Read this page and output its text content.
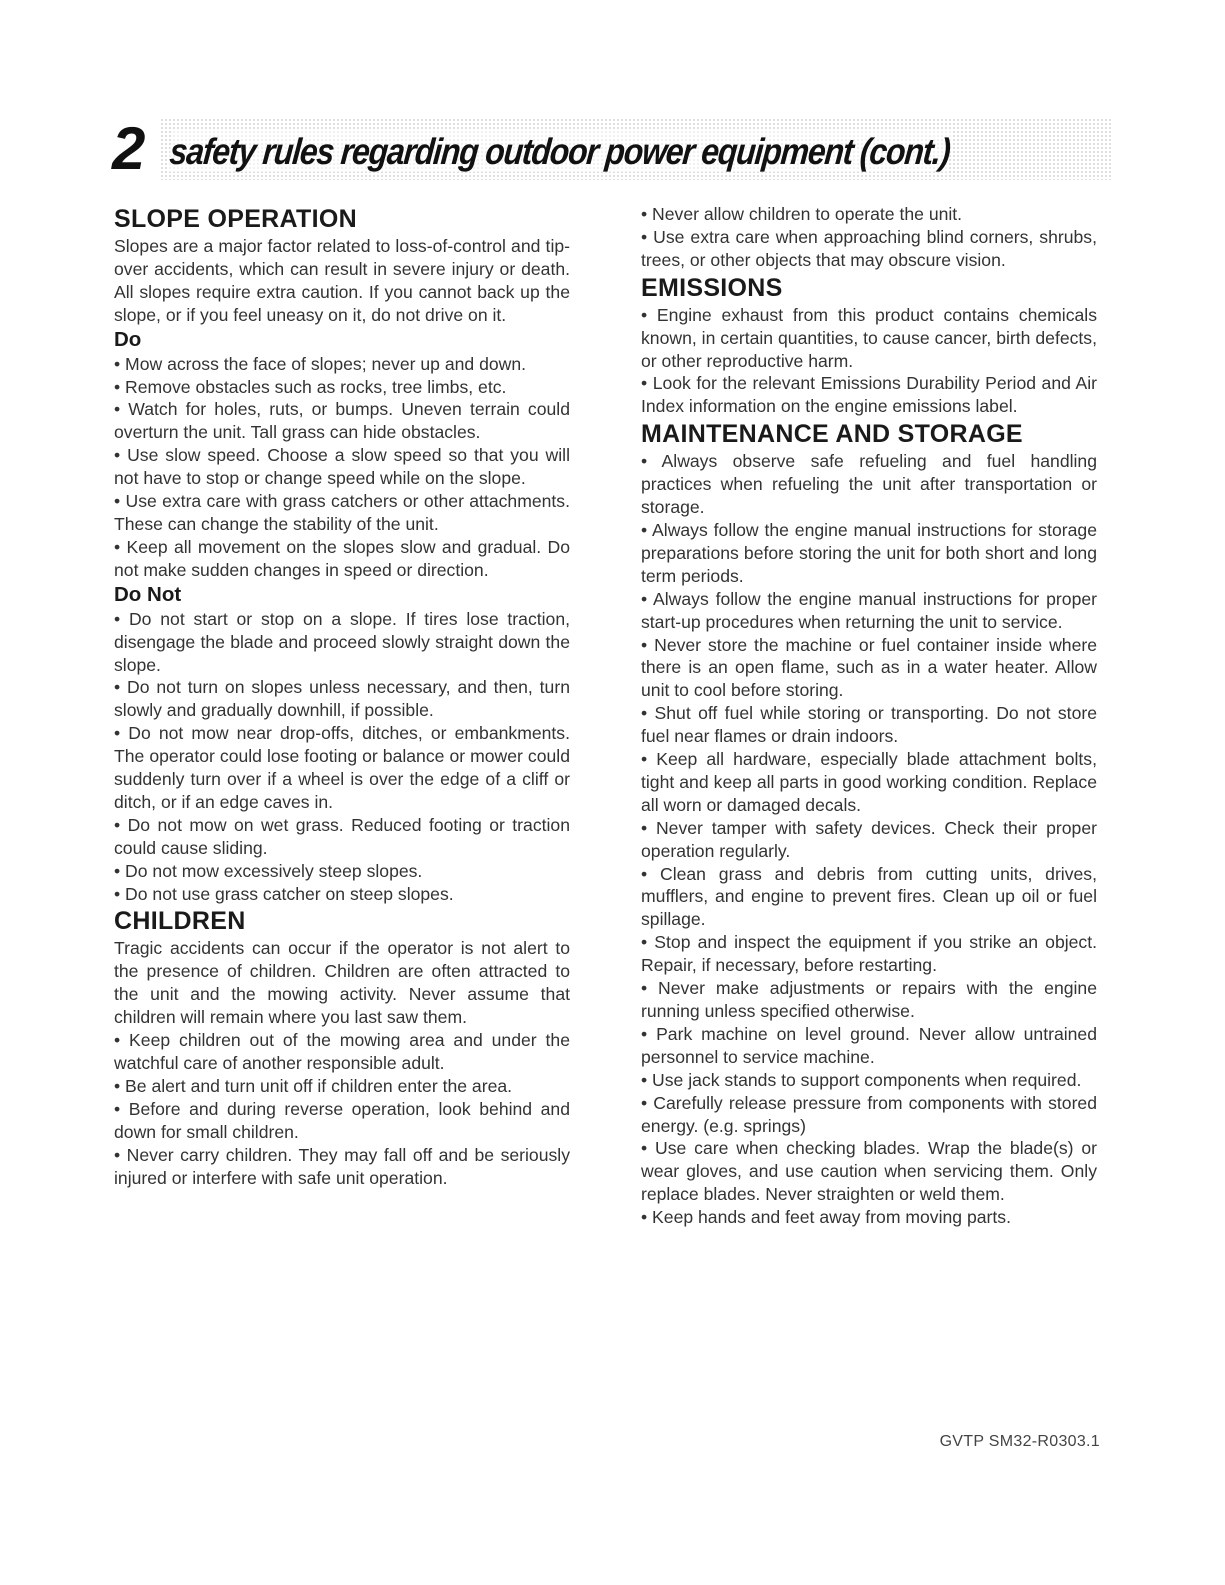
2 safety rules regarding outdoor power equipment (cont.)
SLOPE OPERATION

Slopes are a major factor related to loss-of-control and tip-over accidents, which can result in severe injury or death. All slopes require extra caution. If you cannot back up the slope, or if you feel uneasy on it, do not drive on it.

Do

• Mow across the face of slopes; never up and down.

• Remove obstacles such as rocks, tree limbs, etc.

• Watch for holes, ruts, or bumps. Uneven terrain could overturn the unit. Tall grass can hide obstacles.

• Use slow speed. Choose a slow speed so that you will not have to stop or change speed while on the slope.

• Use extra care with grass catchers or other attachments. These can change the stability of the unit.

• Keep all movement on the slopes slow and gradual. Do not make sudden changes in speed or direction.

Do Not

• Do not start or stop on a slope. If tires lose traction, disengage the blade and proceed slowly straight down the slope.

• Do not turn on slopes unless necessary, and then, turn slowly and gradually downhill, if possible.

• Do not mow near drop-offs, ditches, or embankments. The operator could lose footing or balance or mower could suddenly turn over if a wheel is over the edge of a cliff or ditch, or if an edge caves in.

• Do not mow on wet grass. Reduced footing or traction could cause sliding.

• Do not mow excessively steep slopes.

• Do not use grass catcher on steep slopes.

CHILDREN

Tragic accidents can occur if the operator is not alert to the presence of children. Children are often attracted to the unit and the mowing activity. Never assume that children will remain where you last saw them.

• Keep children out of the mowing area and under the watchful care of another responsible adult.

• Be alert and turn unit off if children enter the area.

• Before and during reverse operation, look behind and down for small children.

• Never carry children. They may fall off and be seriously injured or interfere with safe unit operation.

• Never allow children to operate the unit.

• Use extra care when approaching blind corners, shrubs, trees, or other objects that may obscure vision.

EMISSIONS

• Engine exhaust from this product contains chemicals known, in certain quantities, to cause cancer, birth defects, or other reproductive harm.

• Look for the relevant Emissions Durability Period and Air Index information on the engine emissions label.

MAINTENANCE AND STORAGE

• Always observe safe refueling and fuel handling practices when refueling the unit after transportation or storage.

• Always follow the engine manual instructions for storage preparations before storing the unit for both short and long term periods.

• Always follow the engine manual instructions for proper start-up procedures when returning the unit to service.

• Never store the machine or fuel container inside where there is an open flame, such as in a water heater. Allow unit to cool before storing.

• Shut off fuel while storing or transporting. Do not store fuel near flames or drain indoors.

• Keep all hardware, especially blade attachment bolts, tight and keep all parts in good working condition. Replace all worn or damaged decals.

• Never tamper with safety devices. Check their proper operation regularly.

• Clean grass and debris from cutting units, drives, mufflers, and engine to prevent fires. Clean up oil or fuel spillage.

• Stop and inspect the equipment if you strike an object. Repair, if necessary, before restarting.

• Never make adjustments or repairs with the engine running unless specified otherwise.

• Park machine on level ground. Never allow untrained personnel to service machine.

• Use jack stands to support components when required.

• Carefully release pressure from components with stored energy. (e.g. springs)

• Use care when checking blades. Wrap the blade(s) or wear gloves, and use caution when servicing them. Only replace blades. Never straighten or weld them.

• Keep hands and feet away from moving parts.

GVTP SM32-R0303.1
